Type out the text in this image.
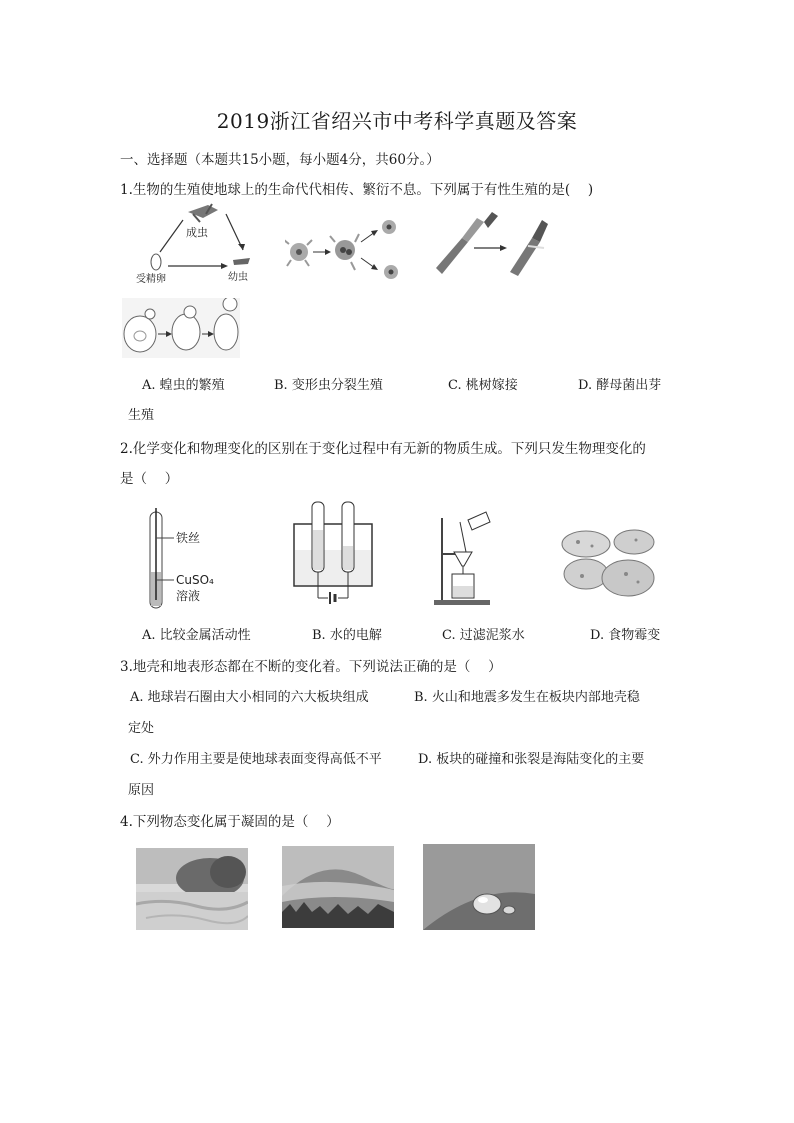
2019浙江省绍兴市中考科学真题及答案
一、选择题（本题共15小题，每小题4分，共60分。）
1.生物的生殖使地球上的生命代代相传、繁衍不息。下列属于有性生殖的是(　 )
成虫
受精卵	幼虫
A. 蝗虫的繁殖	B. 变形虫分裂生殖	C. 桃树嫁接	D. 酵母菌出芽
生殖
2.化学变化和物理变化的区别在于变化过程中有无新的物质生成。下列只发生物理变化的
是（　 ）
铁丝
CuSO₄
溶液
A. 比较金属活动性	B. 水的电解	C. 过滤泥浆水	D. 食物霉变
3.地壳和地表形态都在不断的变化着。下列说法正确的是（　 ）
A. 地球岩石圈由大小相同的六大板块组成	B. 火山和地震多发生在板块内部地壳稳
定处
C. 外力作用主要是使地球表面变得高低不平	D. 板块的碰撞和张裂是海陆变化的主要
原因
4.下列物态变化属于凝固的是（　 ）
